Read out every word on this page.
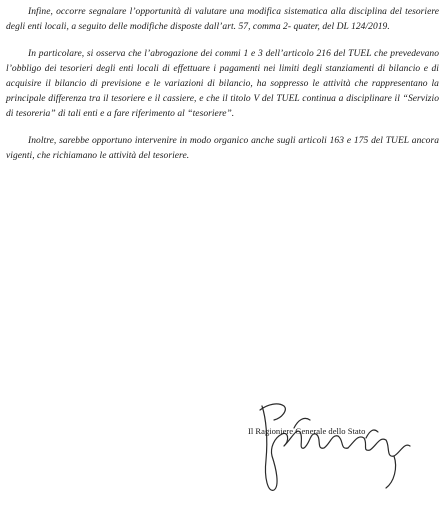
Infine, occorre segnalare l’opportunità di valutare una modifica sistematica alla disciplina del tesoriere degli enti locali, a seguito delle modifiche disposte dall’art. 57, comma 2- quater, del DL 124/2019.

In particolare, si osserva che l’abrogazione dei commi 1 e 3 dell’articolo 216 del TUEL che prevedevano l’obbligo dei tesorieri degli enti locali di effettuare i pagamenti nei limiti degli stanziamenti di bilancio e di acquisire il bilancio di previsione e le variazioni di bilancio, ha soppresso le attività che rappresentano la principale differenza tra il tesoriere e il cassiere, e che il titolo V del TUEL continua a disciplinare il “Servizio di tesoreria” di tali enti e a fare riferimento al “tesoriere”.

Inoltre, sarebbe opportuno intervenire in modo organico anche sugli articoli 163 e 175 del TUEL ancora vigenti, che richiamano le attività del tesoriere.

Il Ragioniere Generale dello Stato
